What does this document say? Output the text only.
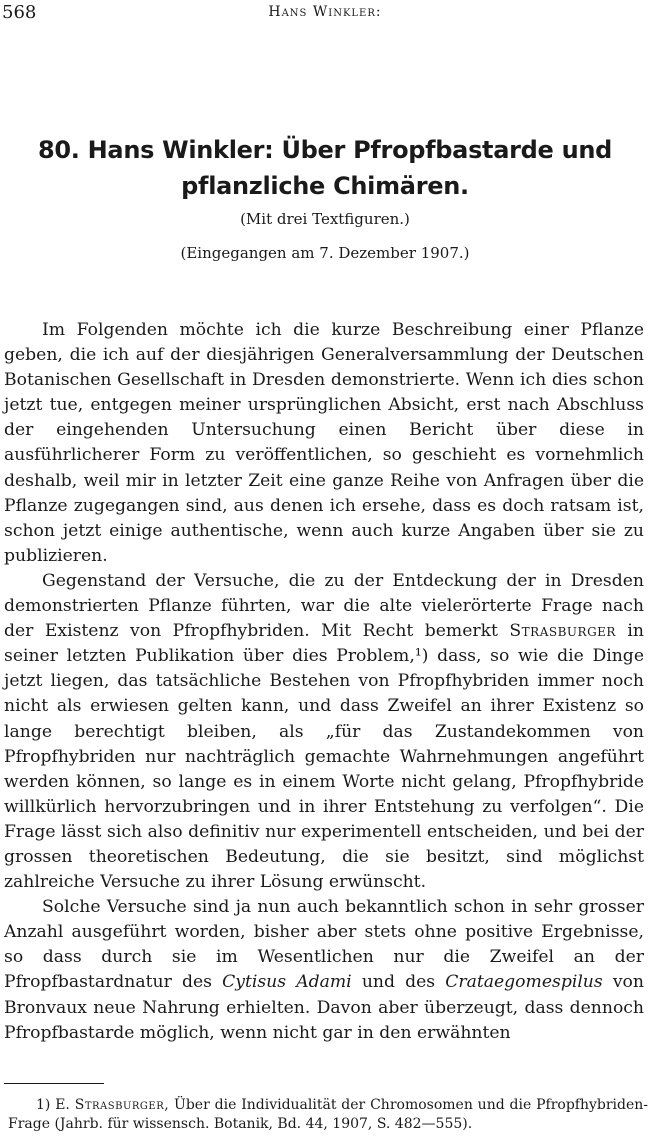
568	Hans Winkler:
80. Hans Winkler: Über Pfropfbastarde und pflanzliche Chimären.
(Mit drei Textfiguren.)
(Eingegangen am 7. Dezember 1907.)

Im Folgenden möchte ich die kurze Beschreibung einer Pflanze geben, die ich auf der diesjährigen Generalversammlung der Deutschen Botanischen Gesellschaft in Dresden demonstrierte. Wenn ich dies schon jetzt tue, entgegen meiner ursprünglichen Absicht, erst nach Abschluss der eingehenden Untersuchung einen Bericht über diese in ausführlicherer Form zu veröffentlichen, so geschieht es vornehmlich deshalb, weil mir in letzter Zeit eine ganze Reihe von Anfragen über die Pflanze zugegangen sind, aus denen ich ersehe, dass es doch ratsam ist, schon jetzt einige authentische, wenn auch kurze Angaben über sie zu publizieren.

Gegenstand der Versuche, die zu der Entdeckung der in Dresden demonstrierten Pflanze führten, war die alte vielerörterte Frage nach der Existenz von Pfropfhybriden. Mit Recht bemerkt Strasburger in seiner letzten Publikation über dies Problem,¹) dass, so wie die Dinge jetzt liegen, das tatsächliche Bestehen von Pfropfhybriden immer noch nicht als erwiesen gelten kann, und dass Zweifel an ihrer Existenz so lange berechtigt bleiben, als „für das Zustandekommen von Pfropfhybriden nur nachträglich gemachte Wahrnehmungen angeführt werden können, so lange es in einem Worte nicht gelang, Pfropfhybride willkürlich hervorzubringen und in ihrer Entstehung zu verfolgen“. Die Frage lässt sich also definitiv nur experimentell entscheiden, und bei der grossen theoretischen Bedeutung, die sie besitzt, sind möglichst zahlreiche Versuche zu ihrer Lösung erwünscht.

Solche Versuche sind ja nun auch bekanntlich schon in sehr grosser Anzahl ausgeführt worden, bisher aber stets ohne positive Ergebnisse, so dass durch sie im Wesentlichen nur die Zweifel an der Pfropfbastardnatur des Cytisus Adami und des Crataegomespilus von Bronvaux neue Nahrung erhielten. Davon aber überzeugt, dass dennoch Pfropfbastarde möglich, wenn nicht gar in den erwähnten

1) E. Strasburger, Über die Individualität der Chromosomen und die Pfropfhybriden-Frage (Jahrb. für wissensch. Botanik, Bd. 44, 1907, S. 482—555).
